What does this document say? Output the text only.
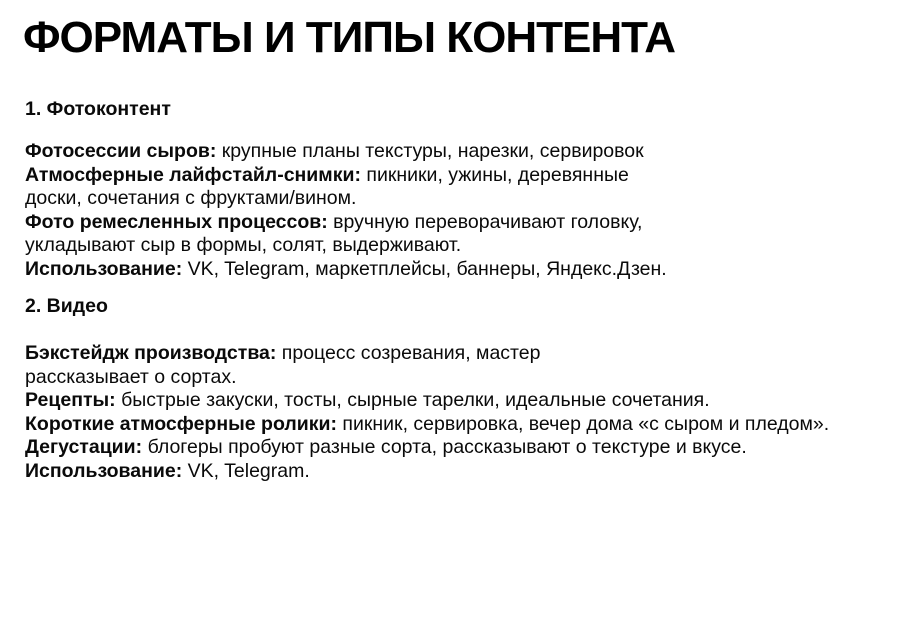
ФОРМАТЫ И ТИПЫ КОНТЕНТА
1. Фотоконтент
Фотосессии сыров: крупные планы текстуры, нарезки, сервировок
Атмосферные лайфстайл-снимки: пикники, ужины, деревянные
доски, сочетания с фруктами/вином.
Фото ремесленных процессов: вручную переворачивают головку,
укладывают сыр в формы, солят, выдерживают.
Использование: VK, Telegram, маркетплейсы, баннеры, Яндекс.Дзен.
2. Видео
Бэкстейдж производства: процесс созревания, мастер
рассказывает о сортах.
Рецепты: быстрые закуски, тосты, сырные тарелки, идеальные сочетания.
Короткие атмосферные ролики: пикник, сервировка, вечер дома «с сыром и пледом».
Дегустации: блогеры пробуют разные сорта, рассказывают о текстуре и вкусе.
Использование: VK, Telegram.
